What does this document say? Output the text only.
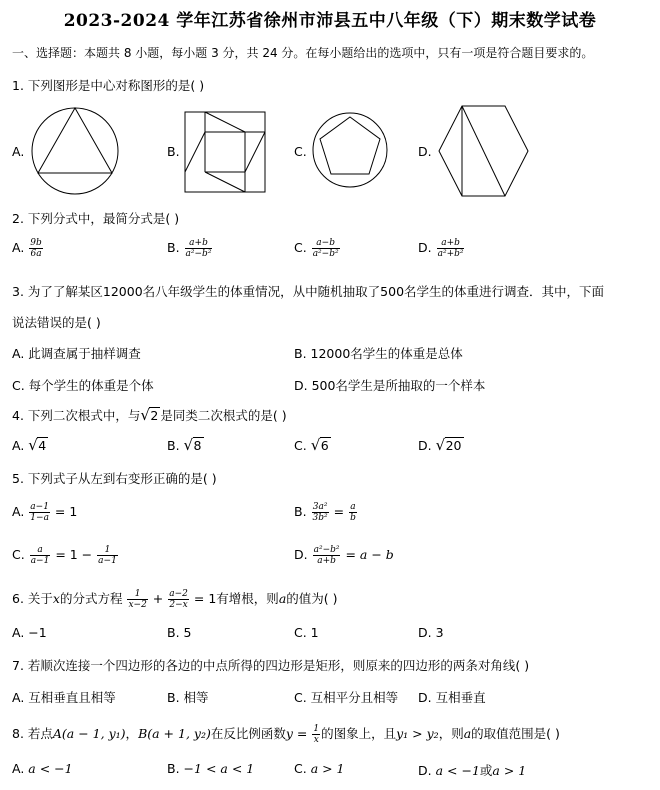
2023-2024 学年江苏省徐州市沛县五中八年级（下）期末数学试卷
一、选择题：本题共 8 小题，每小题 3 分，共 24 分。在每小题给出的选项中，只有一项是符合题目要求的。
1. 下列图形是中心对称图形的是( )
A.	B.	C.	D.
2. 下列分式中，最简分式是( )
A. $\frac{9b}{6a}$	B. $\frac{a+b}{\text{a²−b²}}$	C. $\frac{a-b}{\text{a²−b²}}$	D. $\frac{a+b}{\text{a²+b²}}$
3. 为了了解某区12000名八年级学生的体重情况，从中随机抽取了500名学生的体重进行调查．其中，下面
说法错误的是( )
A. 此调查属于抽样调查	B. 12000名学生的体重是总体
C. 每个学生的体重是个体	D. 500名学生是所抽取的一个样本
4. 下列二次根式中，与 √ 2 是同类二次根式的是( )
A. √ 4	B. √ 8	C. √ 6	D. √ 20
5. 下列式子从左到右变形正确的是( )
A. $\frac{a-1}{1-a} = 1$	B. $\frac{\text{3a²}}{\text{3b²}} = \frac{a}{b}$
C. $\frac{a}{a-1} = 1 - \frac{1}{a-1}$	D. $\frac{\text{a²−b²}}{a+b} = a - b$
6. 关于x的分式方程 $\frac{1}{x-2} + \frac{a-2}{2-x} = 1$有增根，则a的值为( )
A. −1	B. 5	C. 1	D. 3
7. 若顺次连接一个四边形的各边的中点所得的四边形是矩形，则原来的四边形的两条对角线( )
A. 互相垂直且相等	B. 相等	C. 互相平分且相等 D. 互相垂直
8. 若点A(a − 1, y₁)，B(a + 1, y₂)在反比例函数$y = \frac{1}{x}$ 的图象上，且y₁ > y₂，则a的取值范围是( )
A. a < −1	B. −1 < a < 1	C. a > 1	D. a < −1或a > 1
